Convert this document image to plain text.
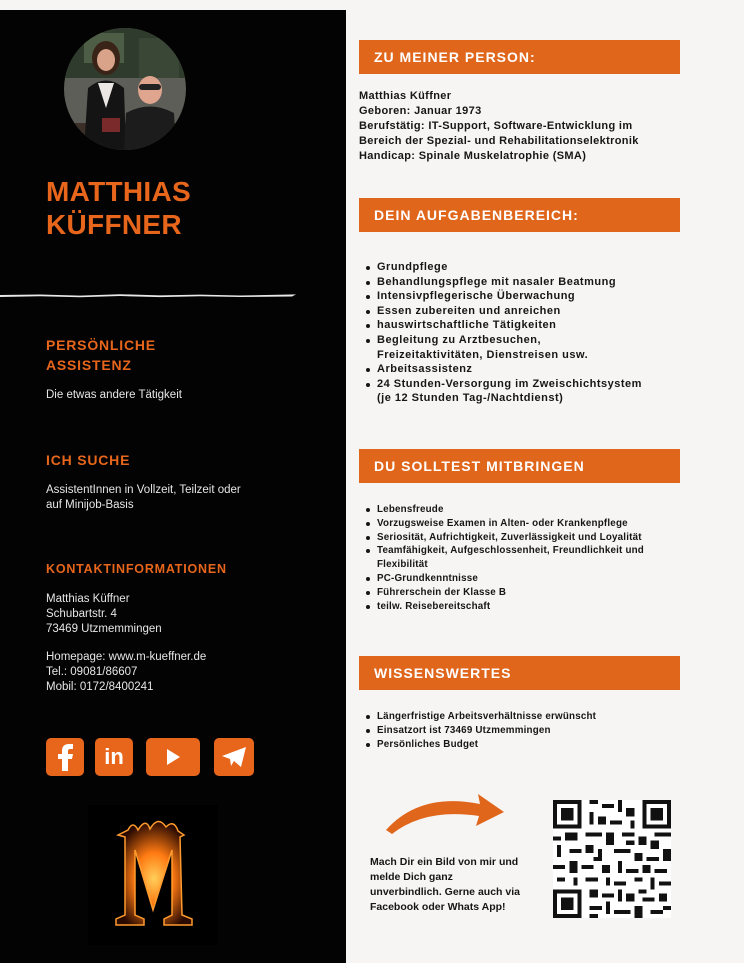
MATTHIAS
KÜFFNER
PERSÖNLICHE
ASSISTENZ
Die etwas andere Tätigkeit
ICH SUCHE
AssistentInnen in Vollzeit, Teilzeit oder
auf Minijob-Basis
KONTAKTINFORMATIONEN
Matthias Küffner
Schubartstr. 4
73469 Utzmemmingen
Homepage: www.m-kueffner.de
Tel.: 09081/86607
Mobil: 0172/8400241
in
ZU MEINER PERSON:
Matthias Küffner
Geboren: Januar 1973
Berufstätig: IT-Support, Software-Entwicklung im
Bereich der Spezial- und Rehabilitationselektronik
Handicap: Spinale Muskelatrophie (SMA)
DEIN AUFGABENBEREICH:
Grundpflege
Behandlungspflege mit nasaler Beatmung
Intensivpflegerische Überwachung
Essen zubereiten und anreichen
hauswirtschaftliche Tätigkeiten
Begleitung zu Arztbesuchen,
Freizeitaktivitäten, Dienstreisen usw.
Arbeitsassistenz
24 Stunden-Versorgung im Zweischichtsystem
(je 12 Stunden Tag-/Nachtdienst)
DU SOLLTEST MITBRINGEN
Lebensfreude
Vorzugsweise Examen in Alten- oder Krankenpflege
Seriosität, Aufrichtigkeit, Zuverlässigkeit und Loyalität
Teamfähigkeit, Aufgeschlossenheit, Freundlichkeit und
Flexibilität
PC-Grundkenntnisse
Führerschein der Klasse B
teilw. Reisebereitschaft
WISSENSWERTES
Längerfristige Arbeitsverhältnisse erwünscht
Einsatzort ist 73469 Utzmemmingen
Persönliches Budget
Mach Dir ein Bild von mir und
melde Dich ganz
unverbindlich. Gerne auch via
Facebook oder Whats App!
